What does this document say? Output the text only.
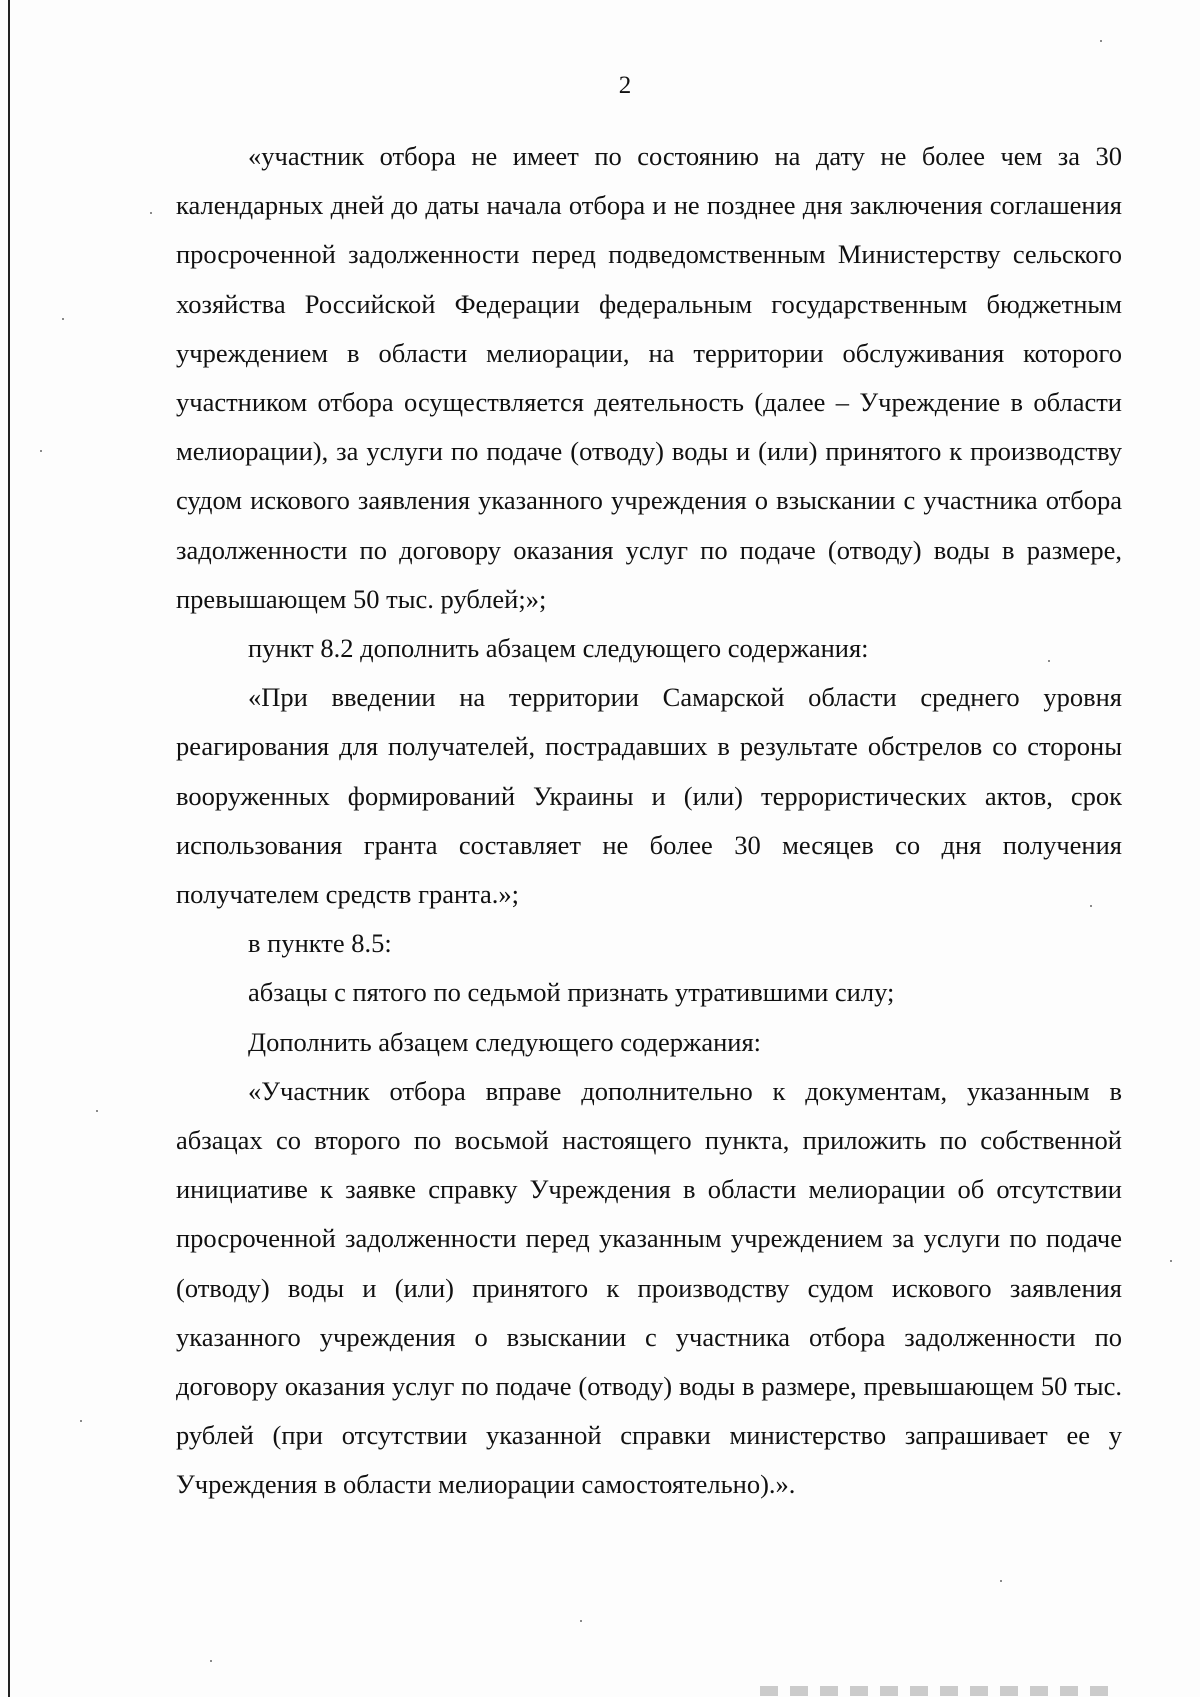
2

«участник отбора не имеет по состоянию на дату не более чем за 30 календарных дней до даты начала отбора и не позднее дня заключения соглашения просроченной задолженности перед подведомственным Министерству сельского хозяйства Российской Федерации федеральным государственным бюджетным учреждением в области мелиорации, на территории обслуживания которого участником отбора осуществляется деятельность (далее – Учреждение в области мелиорации), за услуги по подаче (отводу) воды и (или) принятого к производству судом искового заявления указанного учреждения о взыскании с участника отбора задолженности по договору оказания услуг по подаче (отводу) воды в размере, превышающем 50 тыс. рублей;»;

пункт 8.2 дополнить абзацем следующего содержания:

«При введении на территории Самарской области среднего уровня реагирования для получателей, пострадавших в результате обстрелов со стороны вооруженных формирований Украины и (или) террористических актов, срок использования гранта составляет не более 30 месяцев со дня получения получателем средств гранта.»;

в пункте 8.5:

абзацы с пятого по седьмой признать утратившими силу;

Дополнить абзацем следующего содержания:

«Участник отбора вправе дополнительно к документам, указанным в абзацах со второго по восьмой настоящего пункта, приложить по собственной инициативе к заявке справку Учреждения в области мелиорации об отсутствии просроченной задолженности перед указанным учреждением за услуги по подаче (отводу) воды и (или) принятого к производству судом искового заявления указанного учреждения о взыскании с участника отбора задолженности по договору оказания услуг по подаче (отводу) воды в размере, превышающем 50 тыс. рублей (при отсутствии указанной справки министерство запрашивает ее у Учреждения в области мелиорации самостоятельно).».
